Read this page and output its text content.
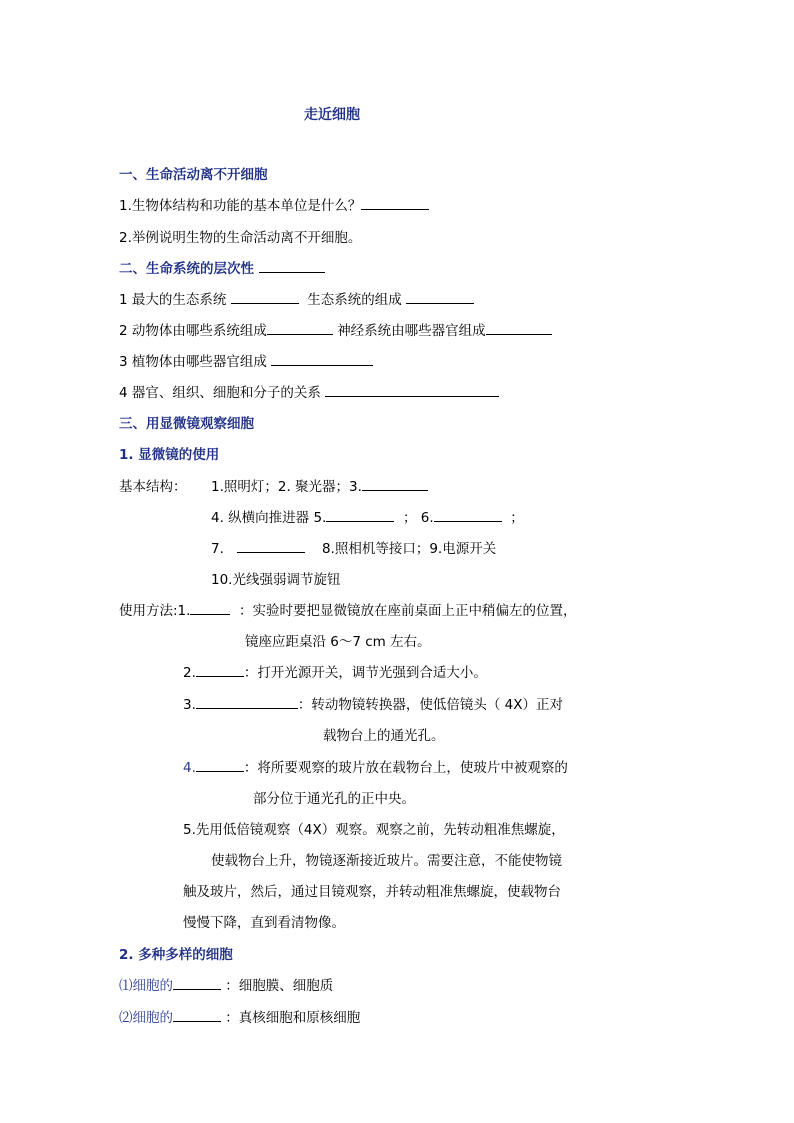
走近细胞
一、生命活动离不开细胞
1.生物体结构和功能的基本单位是什么？
2.举例说明生物的生命活动离不开细胞。
二、生命系统的层次性
1 最大的生态系统	生态系统的组成
2 动物体由哪些系统组成	神经系统由哪些器官组成
3 植物体由哪些器官组成
4 器官、组织、细胞和分子的关系
三、用显微镜观察细胞
1. 显微镜的使用
基本结构： 1.照明灯；2. 聚光器；3.
4. 纵横向推进器 5.	； 6.	；
7.	8.照相机等接口；9.电源开关
10.光线强弱调节旋钮
使用方法:1.	：实验时要把显微镜放在座前桌面上正中稍偏左的位置，
镜座应距桌沿 6～7 cm 左右。
2.	：打开光源开关，调节光强到合适大小。
3.	：转动物镜转换器，使低倍镜头（ 4X）正对
载物台上的通光孔。
4.	：将所要观察的玻片放在载物台上，使玻片中被观察的
部分位于通光孔的正中央。
5.先用低倍镜观察（4X）观察。观察之前，先转动粗准焦螺旋，
使载物台上升，物镜逐渐接近玻片。需要注意，不能使物镜
触及玻片，然后，通过目镜观察，并转动粗准焦螺旋，使载物台
慢慢下降，直到看清物像。
2. 多种多样的细胞
⑴细胞的	：细胞膜、细胞质
⑵细胞的	：真核细胞和原核细胞
